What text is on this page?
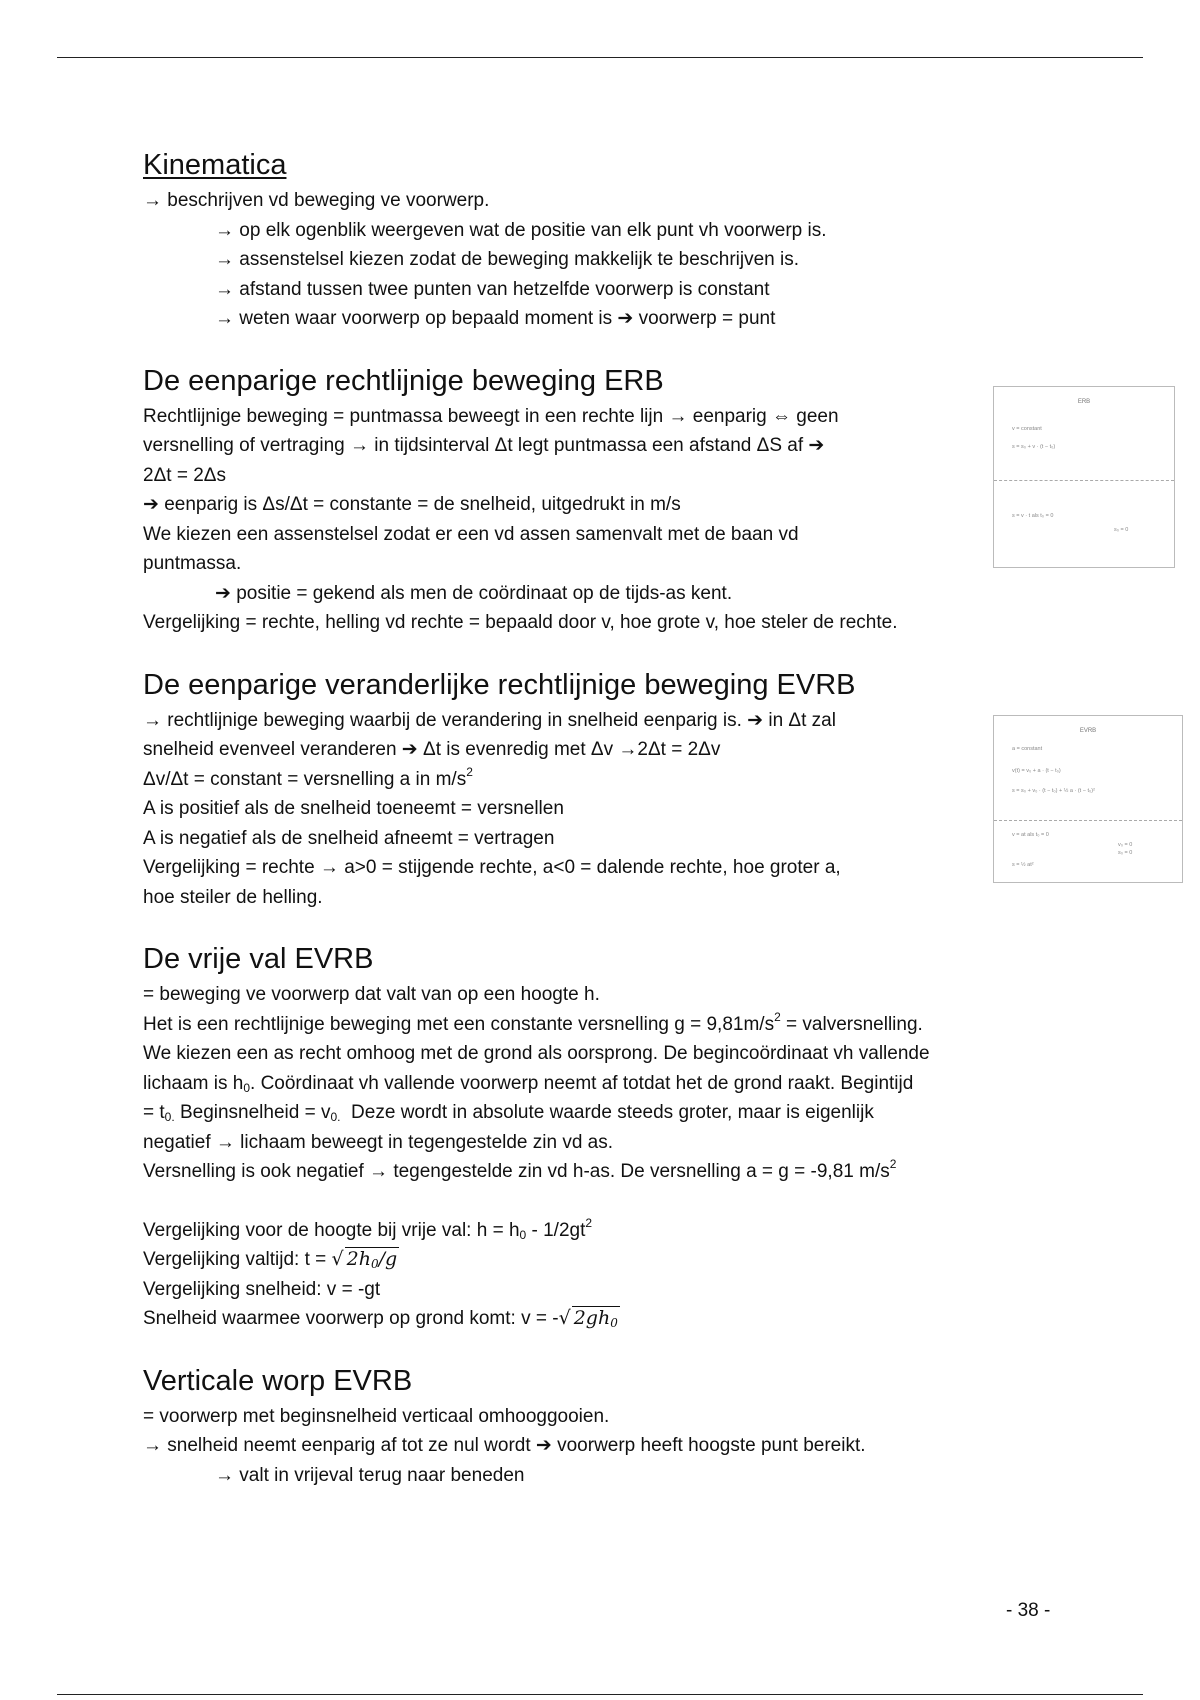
Kinematica

→ beschrijven vd beweging ve voorwerp.

→ op elk ogenblik weergeven wat de positie van elk punt vh voorwerp is.

→ assenstelsel kiezen zodat de beweging makkelijk te beschrijven is.

→ afstand tussen twee punten van hetzelfde voorwerp is constant

→ weten waar voorwerp op bepaald moment is ➔ voorwerp = punt

De eenparige rechtlijnige beweging ERB

Rechtlijnige beweging = puntmassa beweegt in een rechte lijn → eenparig ⇔ geen

versnelling of vertraging → in tijdsinterval Δt legt puntmassa een afstand ΔS af ➔

2Δt = 2Δs

➔ eenparig is Δs/Δt = constante = de snelheid, uitgedrukt in m/s

We kiezen een assenstelsel zodat er een vd assen samenvalt met de baan vd

puntmassa.

➔ positie = gekend als men de coördinaat op de tijds-as kent.

Vergelijking = rechte, helling vd rechte = bepaald door v, hoe grote v, hoe steler de rechte.

De eenparige veranderlijke rechtlijnige beweging EVRB

→ rechtlijnige beweging waarbij de verandering in snelheid eenparig is. ➔ in Δt zal

snelheid evenveel veranderen ➔ Δt is evenredig met Δv →2Δt = 2Δv

Δv/Δt = constant = versnelling a in $m/s^2$

A is positief als de snelheid toeneemt = versnellen

A is negatief als de snelheid afneemt = vertragen

Vergelijking = rechte → a>0 = stijgende rechte, a<0 = dalende rechte, hoe groter a,

hoe steiler de helling.

De vrije val EVRB

= beweging ve voorwerp dat valt van op een hoogte h.

Het is een rechtlijnige beweging met een constante versnelling $g = 9,81m/s^2$ = valversnelling.

We kiezen een as recht omhoog met de grond als oorsprong. De begincoördinaat vh vallende

lichaam is $h_0$. Coördinaat vh vallende voorwerp neemt af totdat het de grond raakt. Begintijd

= $t_{0.}$ Beginsnelheid = $v_{0.}$  Deze wordt in absolute waarde steeds groter, maar is eigenlijk

negatief → lichaam beweegt in tegengestelde zin vd as.

Versnelling is ook negatief → tegengestelde zin vd h-as. De versnelling a = g = -9,81 $m/s^2$

Vergelijking voor de hoogte bij vrije val: $h = h_0 - 1/2gt^2$

Vergelijking valtijd: t = √ $2h_0/g$

Vergelijking snelheid: v = -gt

Snelheid waarmee voorwerp op grond komt: v = -√ $2gh_0$

Verticale worp EVRB

= voorwerp met beginsnelheid verticaal omhooggooien.

→ snelheid neemt eenparig af tot ze nul wordt ➔ voorwerp heeft hoogste punt bereikt.

→ valt in vrijeval terug naar beneden

ERB
v = constant
s = s₀ + v · (t − t₀)
s = v · t als t₀ = 0
s₀ = 0
EVRB
a = constant
v(t) = v₀ + a · (t − t₀)
s = s₀ + v₀ · (t − t₀) + ½ a · (t − t₀)²
v = at als t₀ = 0
v₀ = 0
s₀ = 0
s = ½ at²
- 38 -
